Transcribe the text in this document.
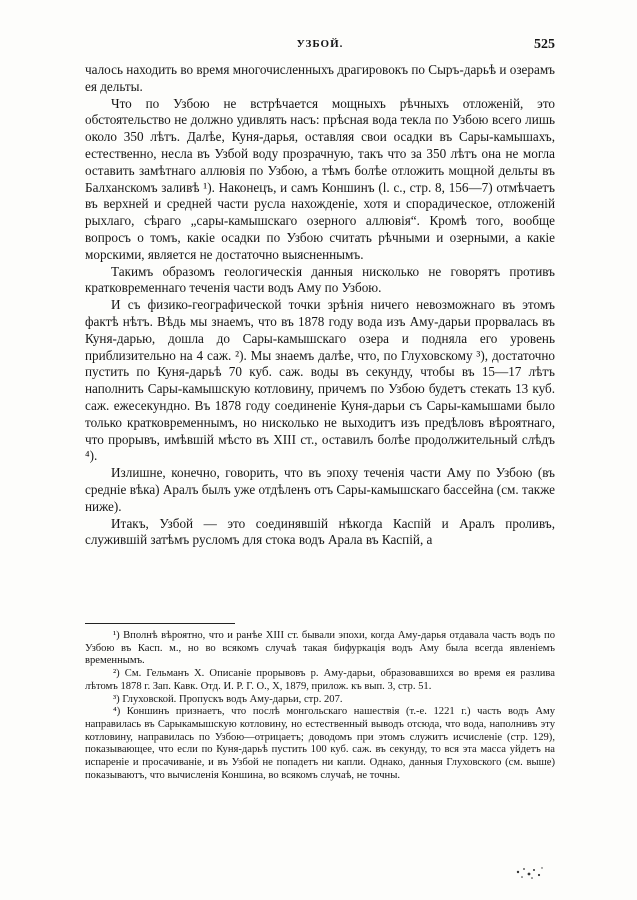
УЗБОЙ.	525

чалось находить во время многочисленныхъ драгировокъ по Сыръ-дарьѣ и озерамъ ея дельты.

Что по Узбою не встрѣчается мощныхъ рѣчныхъ отложеній, это обстоятельство не должно удивлять насъ: прѣсная вода текла по Узбою всего лишь около 350 лѣтъ. Далѣе, Куня-дарья, оставляя свои осадки въ Сары-камышахъ, естественно, несла въ Узбой воду прозрачную, такъ что за 350 лѣтъ она не могла оставить замѣтнаго аллювія по Узбою, а тѣмъ болѣе отложить мощной дельты въ Балханскомъ заливѣ ¹). Наконецъ, и самъ Коншинъ (l. c., стр. 8, 156—7) отмѣчаетъ въ верхней и средней части русла нахожденіе, хотя и спорадическое, отложеній рыхлаго, сѣраго „сары-камышскаго озерного аллювія“. Кромѣ того, вообще вопросъ о томъ, какіе осадки по Узбою считать рѣчными и озерными, а какіе морскими, является не достаточно выясненнымъ.

Такимъ образомъ геологическія данныя нисколько не говорятъ противъ кратковременнаго теченія части водъ Аму по Узбою.

И съ физико-географической точки зрѣнія ничего невозможнаго въ этомъ фактѣ нѣтъ. Вѣдь мы знаемъ, что въ 1878 году вода изъ Аму-дарьи прорвалась въ Куня-дарью, дошла до Сары-камышскаго озера и подняла его уровень приблизительно на 4 саж. ²). Мы знаемъ далѣе, что, по Глуховскому ³), достаточно пустить по Куня-дарьѣ 70 куб. саж. воды въ секунду, чтобы въ 15—17 лѣтъ наполнить Сары-камышскую котловину, причемъ по Узбою будетъ стекать 13 куб. саж. ежесекундно. Въ 1878 году соединеніе Куня-дарьи съ Сары-камышами было только кратковременнымъ, но нисколько не выходитъ изъ предѣловъ вѣроятнаго, что прорывъ, имѣвшій мѣсто въ XIII ст., оставилъ болѣе продолжительный слѣдъ ⁴).

Излишне, конечно, говорить, что въ эпоху теченія части Аму по Узбою (въ средніе вѣка) Аралъ былъ уже отдѣленъ отъ Сары-камышскаго бассейна (см. также ниже).

Итакъ, Узбой — это соединявшій нѣкогда Каспій и Аралъ проливъ, служившій затѣмъ русломъ для стока водъ Арала въ Каспій, а

¹) Вполнѣ вѣроятно, что и ранѣе XIII ст. бывали эпохи, когда Аму-дарья отдавала часть водъ по Узбою въ Касп. м., но во всякомъ случаѣ такая бифуркація водъ Аму была всегда явленіемъ временнымъ.

²) См. Гельманъ Х. Описаніе прорывовъ р. Аму-дарьи, образовавшихся во время ея разлива лѣтомъ 1878 г. Зап. Кавк. Отд. И. Р. Г. О., X, 1879, прилож. къ вып. 3, стр. 51.

³) Глуховской. Пропускъ водъ Аму-дарьи, стр. 207.

⁴) Коншинъ признаетъ, что послѣ монгольскаго нашествія (т.-е. 1221 г.) часть водъ Аму направилась въ Сарыкамышскую котловину, но естественный выводъ отсюда, что вода, наполнивъ эту котловину, направилась по Узбою—отрицаетъ; доводомъ при этомъ служитъ исчисленіе (стр. 129), показывающее, что если по Куня-дарьѣ пустить 100 куб. саж. въ секунду, то вся эта масса уйдетъ на испареніе и просачиваніе, и въ Узбой не попадетъ ни капли. Однако, данныя Глуховского (см. выше) показываютъ, что вычисленія Коншина, во всякомъ случаѣ, не точны.
